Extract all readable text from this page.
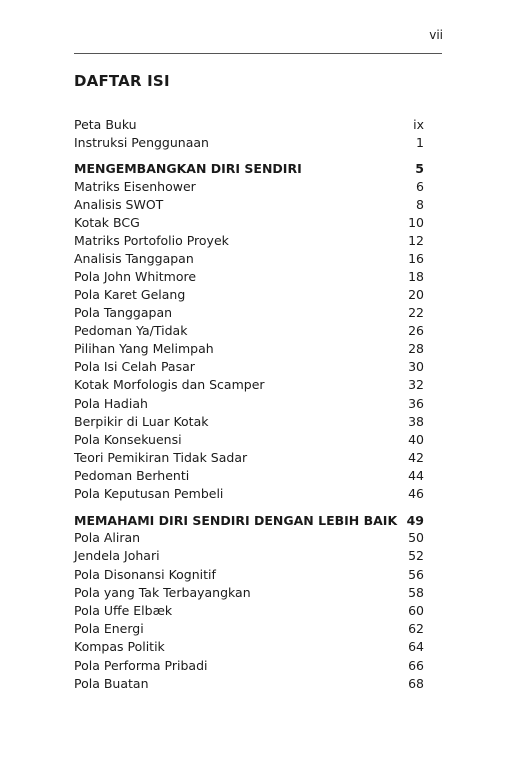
vii
DAFTAR ISI
Peta Buku	ix
Instruksi Penggunaan	1
MENGEMBANGKAN DIRI SENDIRI	5
Matriks Eisenhower	6
Analisis SWOT	8
Kotak BCG	10
Matriks Portofolio Proyek	12
Analisis Tanggapan	16
Pola John Whitmore	18
Pola Karet Gelang	20
Pola Tanggapan	22
Pedoman Ya/Tidak	26
Pilihan Yang Melimpah	28
Pola Isi Celah Pasar	30
Kotak Morfologis dan Scamper	32
Pola Hadiah	36
Berpikir di Luar Kotak	38
Pola Konsekuensi	40
Teori Pemikiran Tidak Sadar	42
Pedoman Berhenti	44
Pola Keputusan Pembeli	46
MEMAHAMI DIRI SENDIRI DENGAN LEBIH BAIK 49
Pola Aliran	50
Jendela Johari	52
Pola Disonansi Kognitif	56
Pola yang Tak Terbayangkan	58
Pola Uffe Elbæk	60
Pola Energi	62
Kompas Politik	64
Pola Performa Pribadi	66
Pola Buatan	68
